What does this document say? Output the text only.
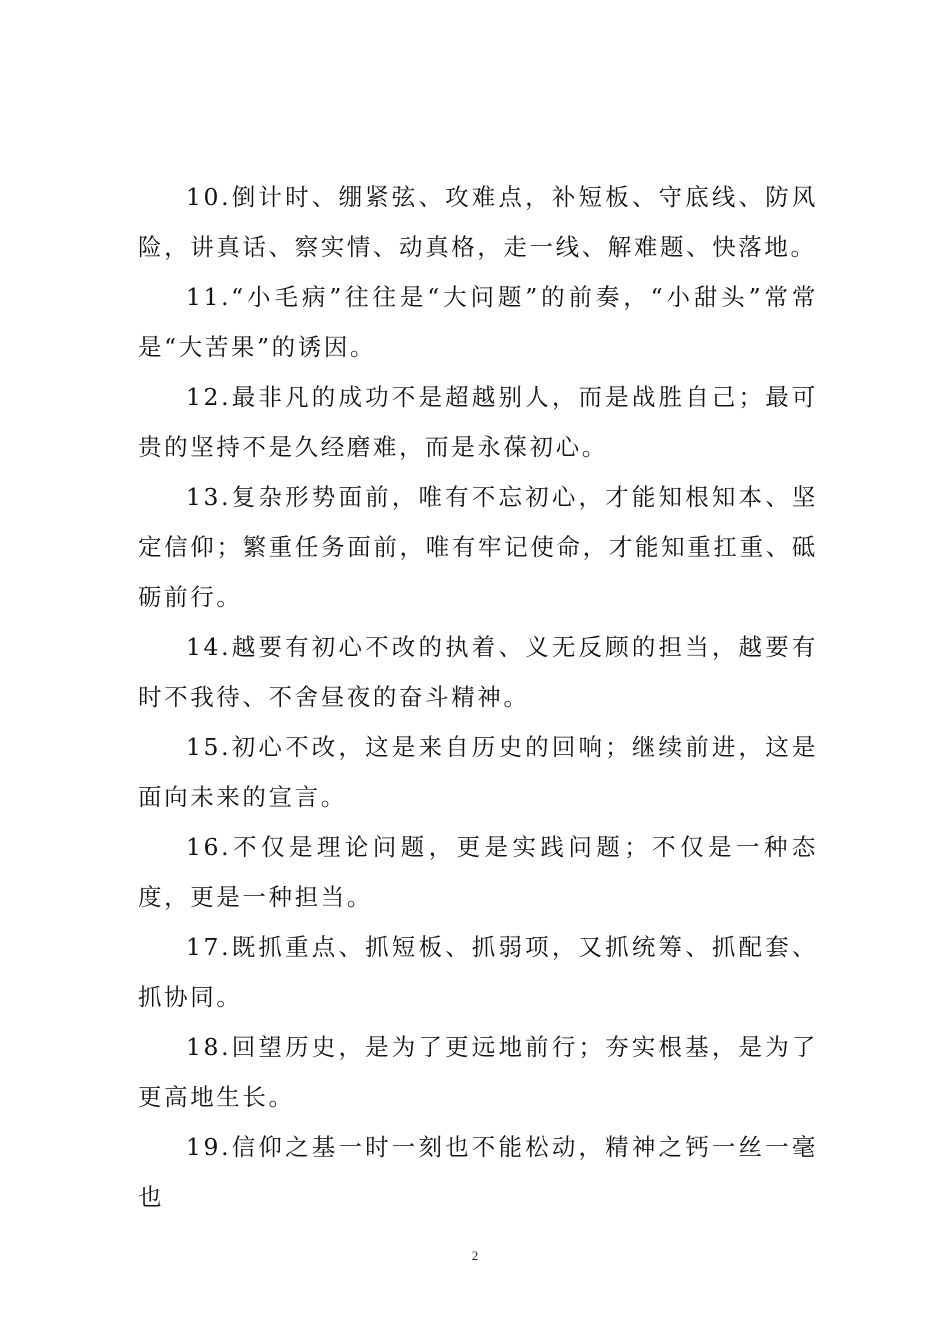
10.倒计时、绷紧弦、攻难点，补短板、守底线、防风险，讲真话、察实情、动真格，走一线、解难题、快落地。

11.“小毛病”往往是“大问题”的前奏，“小甜头”常常是“大苦果”的诱因。

12.最非凡的成功不是超越别人，而是战胜自己；最可贵的坚持不是久经磨难，而是永葆初心。

13.复杂形势面前，唯有不忘初心，才能知根知本、坚定信仰；繁重任务面前，唯有牢记使命，才能知重扛重、砥砺前行。

14.越要有初心不改的执着、义无反顾的担当，越要有时不我待、不舍昼夜的奋斗精神。

15.初心不改，这是来自历史的回响；继续前进，这是面向未来的宣言。

16.不仅是理论问题，更是实践问题；不仅是一种态度，更是一种担当。

17.既抓重点、抓短板、抓弱项，又抓统筹、抓配套、抓协同。

18.回望历史，是为了更远地前行；夯实根基，是为了更高地生长。

19.信仰之基一时一刻也不能松动，精神之钙一丝一毫也

2
